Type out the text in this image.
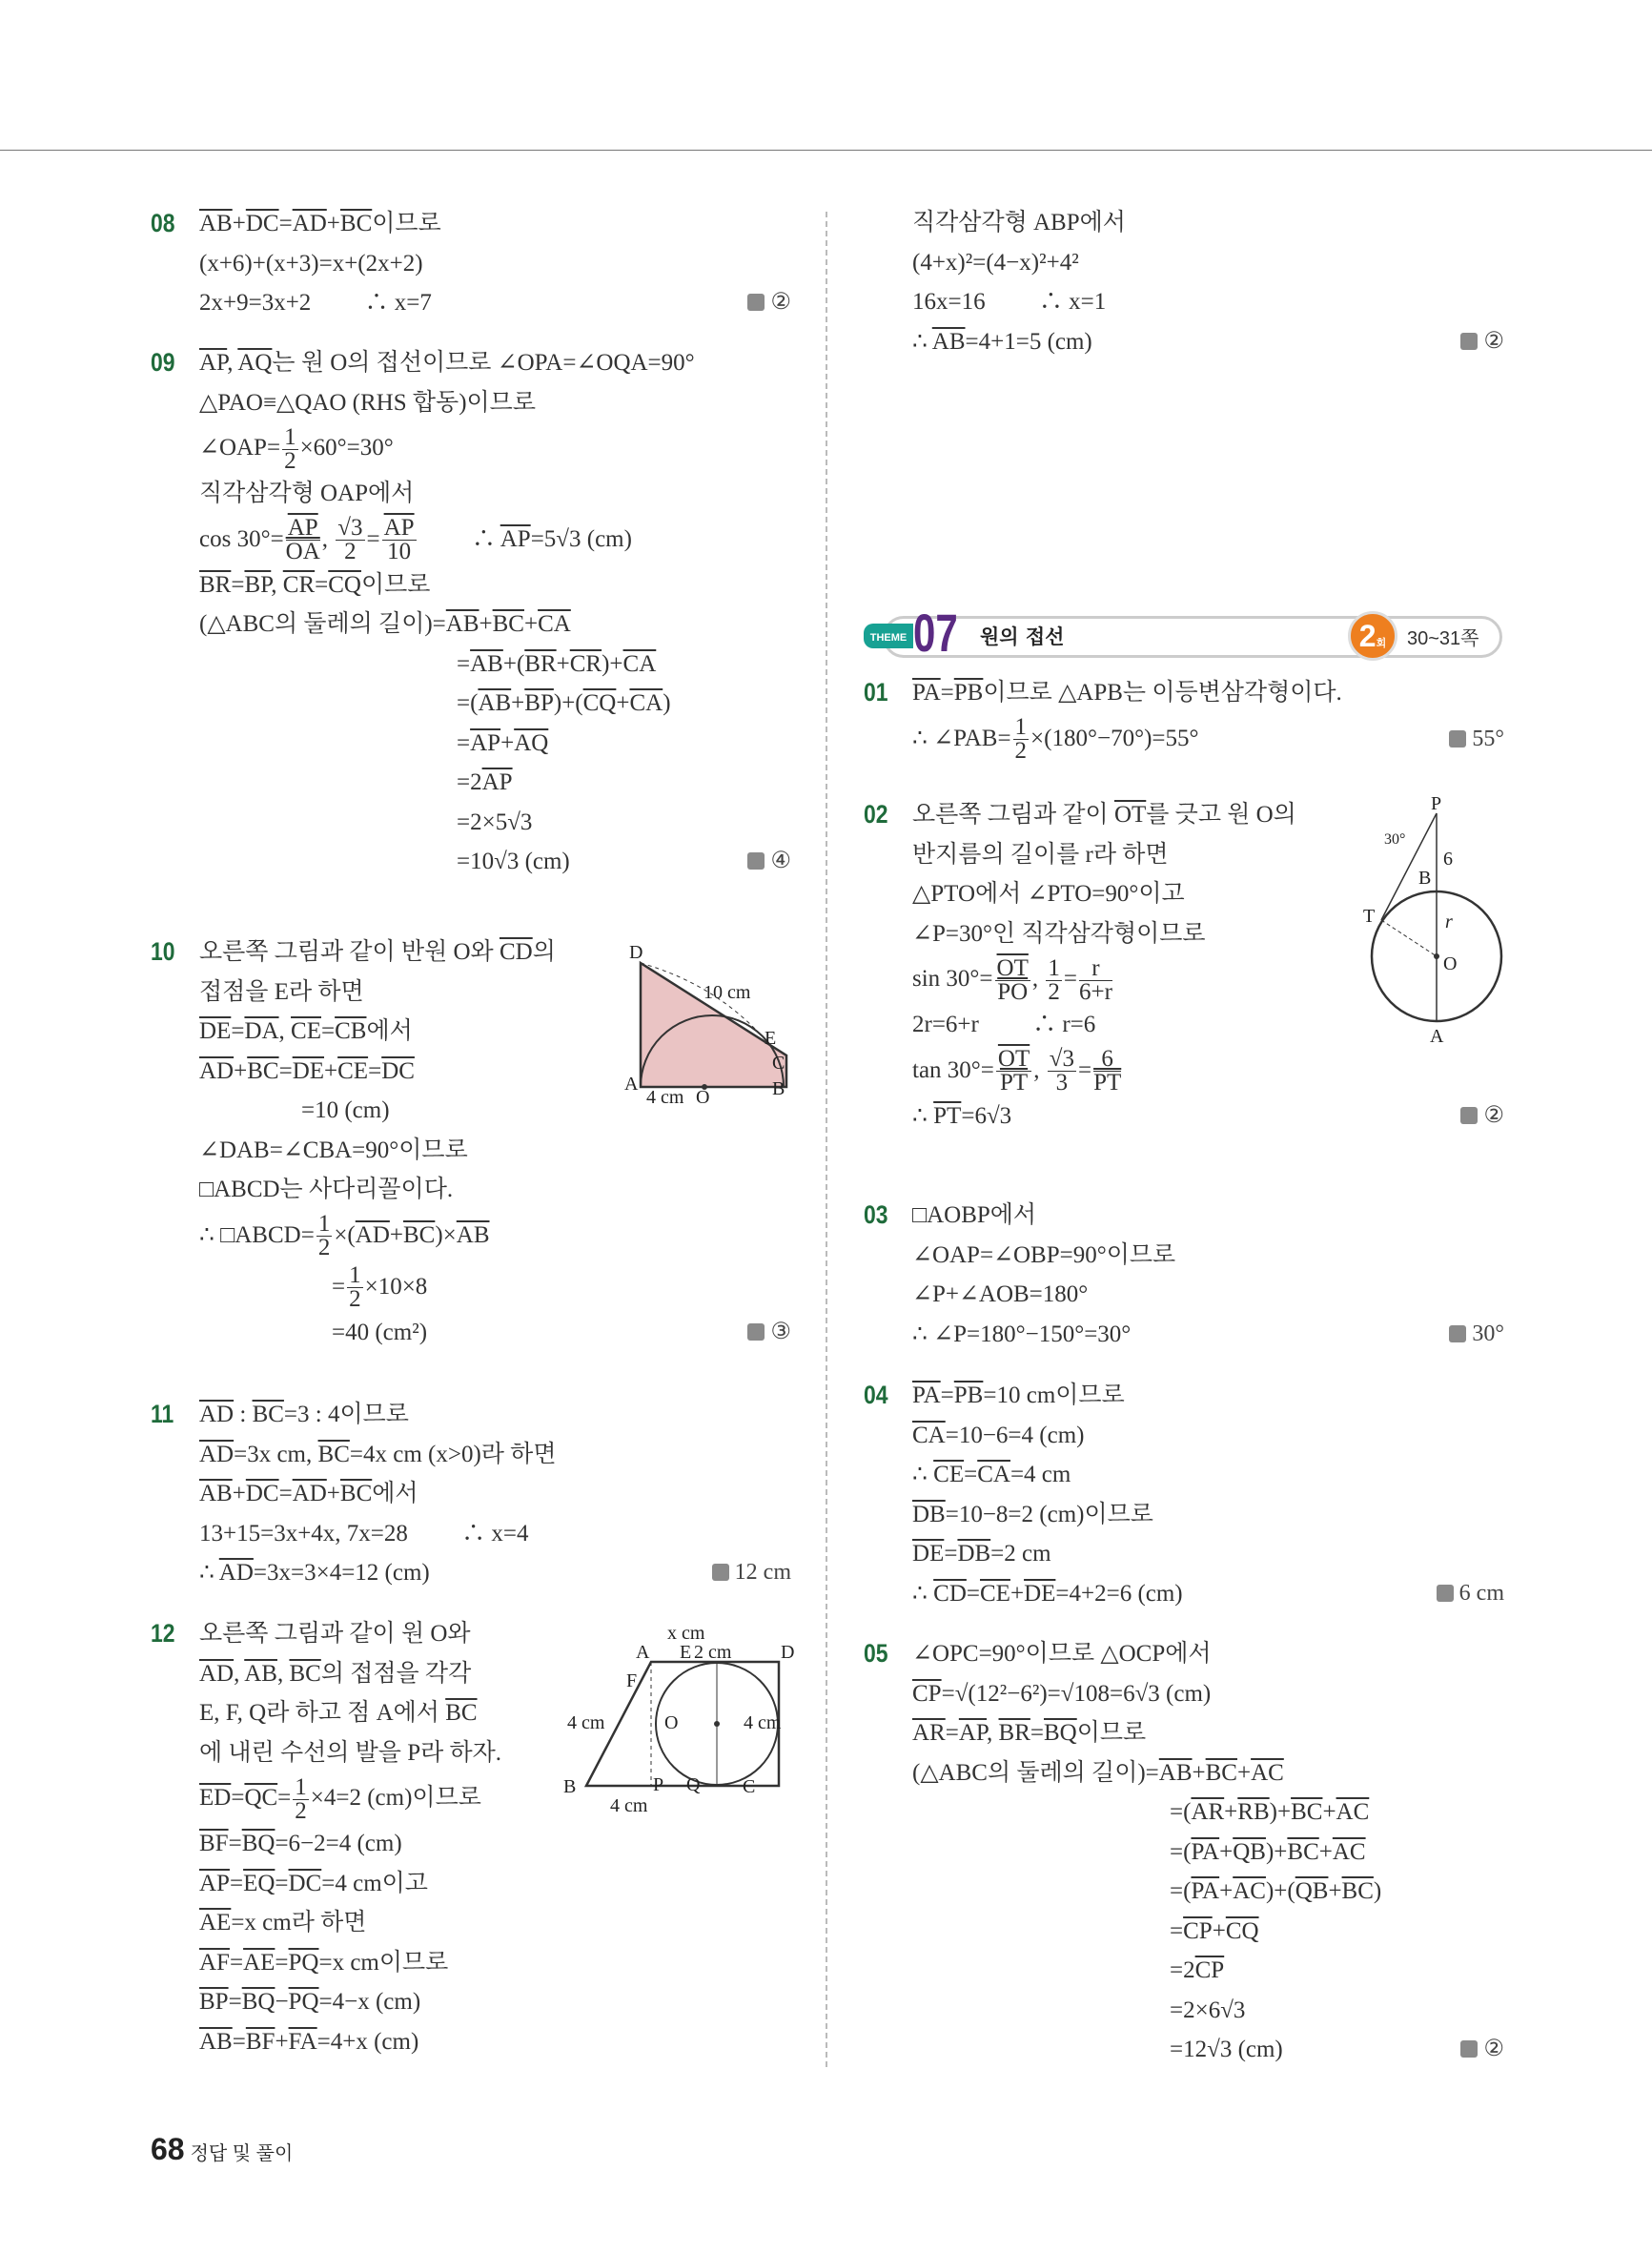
08 $\overline{AB}+\overline{DC}=\overline{AD}+\overline{BC}$이므로
(x+6)+(x+3)=x+(2x+2)
2x+9=3x+2　　 ∴ x=7	②
09 $\overline{AP}$, $\overline{AQ}$는 원 O의 접선이므로 ∠OPA=∠OQA=90°
△PAO≡△QAO (RHS 합동)이므로
∠OAP= $\frac{1}{2} \times 60^\circ=30^\circ$
직각삼각형 OAP에서
$\cos 30^\circ= \frac{\overline{AP}}{OA}$ , $\frac{√3}{2} = \frac{\overline{AP}}{10}$ 　　 ∴ $\overline{AP}=5√3$ (cm)
$\overline{BR}=\overline{BP}$, $\overline{CR}=\overline{CQ}$이므로
(△ABC의 둘레의 길이)$=\overline{AB}+\overline{BC}+\overline{CA}$
$=\overline{AB}+(\overline{BR}+\overline{CR})+\overline{CA}$
$=(\overline{AB}+\overline{BP})+(\overline{CQ}+\overline{CA})$
$=\overline{AP}+\overline{AQ}$
$=2\overline{AP}$
=2×5√3
=10√3 (cm)	④
10 오른쪽 그림과 같이 반원 O와 $\overline{CD}$의
접점을 E라 하면
$\overline{DE}=\overline{DA}$, $\overline{CE}=\overline{CB}$에서
$\overline{AD}+\overline{BC}=\overline{DE}+\overline{CE}=\overline{DC}$
=10 (cm)
∠DAB=∠CBA=90°이므로
□ABCD는 사다리꼴이다.
∴ □ABCD= $\frac{1}{2} \times(\overline{AD}+\overline{BC})\times\overline{AB}$
= $\frac{1}{2} \times 10\times 8$
=40 (cm²)	③
D
10 cm
E
C
B
A
4 cm O
11 $\overline{AD}$ : $\overline{BC}=3$ : 4이므로
$\overline{AD}=3x$ cm, $\overline{BC}=4x$ cm (x>0)라 하면
$\overline{AB}+\overline{DC}=\overline{AD}+\overline{BC}$에서
13+15=3x+4x, 7x=28　　 ∴ x=4
∴ $\overline{AD}=3x=3\times 4=12$ (cm)	12 cm
12 오른쪽 그림과 같이 원 O와
$\overline{AD}$, $\overline{AB}$, $\overline{BC}$의 접점을 각각
E, F, Q라 하고 점 A에서 $\overline{BC}$
에 내린 수선의 발을 P라 하자.
$\overline{ED}=\overline{QC}= \frac{1}{2} \times 4=2$ (cm)이므로
$\overline{BF}=\overline{BQ}=6-2=4$ (cm)
$\overline{AP}=\overline{EQ}=\overline{DC}=4$ cm이고
$\overline{AE}=x$ cm라 하면
$\overline{AF}=\overline{AE}=\overline{PQ}=x$ cm이므로
$\overline{BP}=\overline{BQ}-\overline{PQ}=4-x$ (cm)
$\overline{AB}=\overline{BF}+\overline{FA}=4+x$ (cm)
x cm
A E 2 cm	D
F
O
4 cm	4 cm
B	P Q C
4 cm
직각삼각형 ABP에서
(4+x)²=(4−x)²+4²
16x=16　　 ∴ x=1
∴ $\overline{AB}=4+1=5$ (cm)	②
THEME 07 원의 접선	2회	30~31쪽
01 $\overline{PA}=\overline{PB}$이므로 △APB는 이등변삼각형이다.
∴ ∠PAB= $\frac{1}{2} \times(180^\circ-70^\circ)=55^\circ$	55°
02 오른쪽 그림과 같이 $\overline{OT}$를 긋고 원 O의
반지름의 길이를 r라 하면
△PTO에서 ∠PTO=90°이고
∠P=30°인 직각삼각형이므로
$\sin 30^\circ= \frac{\overline{OT}}{PO}$ , $\frac{1}{2} = \frac{r}{6+r}$
2r=6+r　　 ∴ r=6
$\tan 30^\circ= \frac{\overline{OT}}{PT}$ , $\frac{√3}{3} = \frac{6}{PT}$
∴ $\overline{PT}=6√3$	②
P
30°
6
B
T	r
O
A
03 □AOBP에서
∠OAP=∠OBP=90°이므로
∠P+∠AOB=180°
∴ ∠P=180°−150°=30°	30°
04 $\overline{PA}=\overline{PB}=10$ cm이므로
$\overline{CA}=10-6=4$ (cm)
∴ $\overline{CE}=\overline{CA}=4$ cm
$\overline{DB}=10-8=2$ (cm)이므로
$\overline{DE}=\overline{DB}=2$ cm
∴ $\overline{CD}=\overline{CE}+\overline{DE}=4+2=6$ (cm)	6 cm
05 ∠OPC=90°이므로 △OCP에서
$\overline{CP}=√(12^2-6^2)=√108=6√3$ (cm)
$\overline{AR}=\overline{AP}$, $\overline{BR}=\overline{BQ}$이므로
(△ABC의 둘레의 길이)$=\overline{AB}+\overline{BC}+\overline{AC}$
$=(\overline{AR}+\overline{RB})+\overline{BC}+\overline{AC}$
$=(\overline{PA}+\overline{QB})+\overline{BC}+\overline{AC}$
$=(\overline{PA}+\overline{AC})+(\overline{QB}+\overline{BC})$
$=\overline{CP}+\overline{CQ}$
$=2\overline{CP}$
=2×6√3
=12√3 (cm)	②
68 정답 및 풀이
